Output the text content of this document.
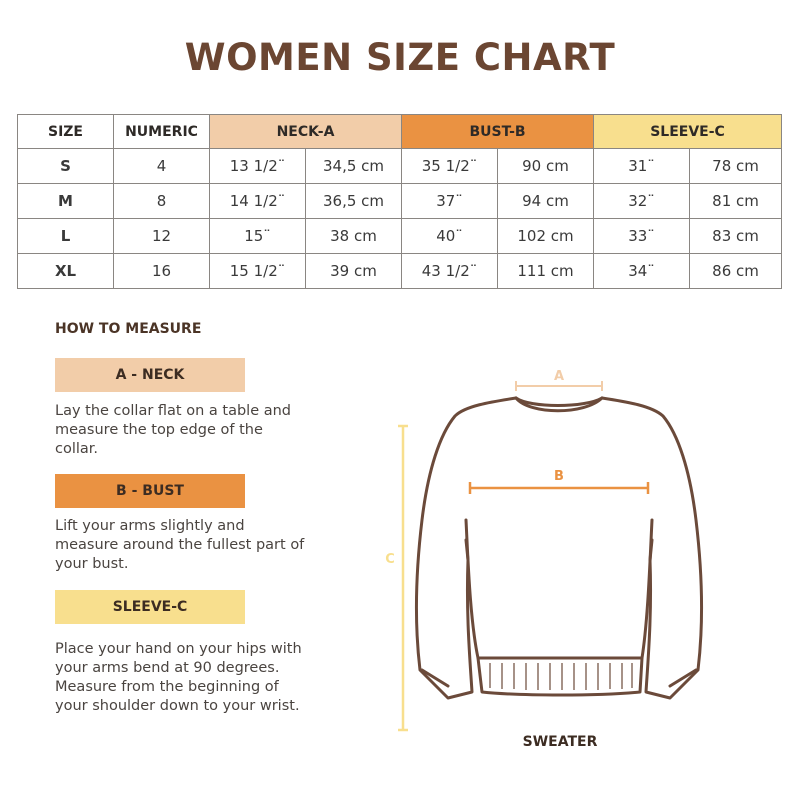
WOMEN SIZE CHART
SIZE	NUMERIC	NECK-A		BUST-B		SLEEVE-C	
S	4	13 1/2¨	34,5 cm	35 1/2¨	90 cm	31¨	78 cm
M	8	14 1/2¨	36,5 cm	37¨	94 cm	32¨	81 cm
L	12	15¨	38 cm	40¨	102 cm	33¨	83 cm
XL	16	15 1/2¨	39 cm	43 1/2¨	111 cm	34¨	86 cm
HOW TO MEASURE
A - NECK
Lay the collar flat on a table and measure the top edge of the collar.
B - BUST
Lift your arms slightly and measure around the fullest part of your bust.
SLEEVE-C
Place your hand on your hips with your arms bend at 90 degrees. Measure from the beginning of your shoulder down to your wrist.
A
B
C
SWEATER
